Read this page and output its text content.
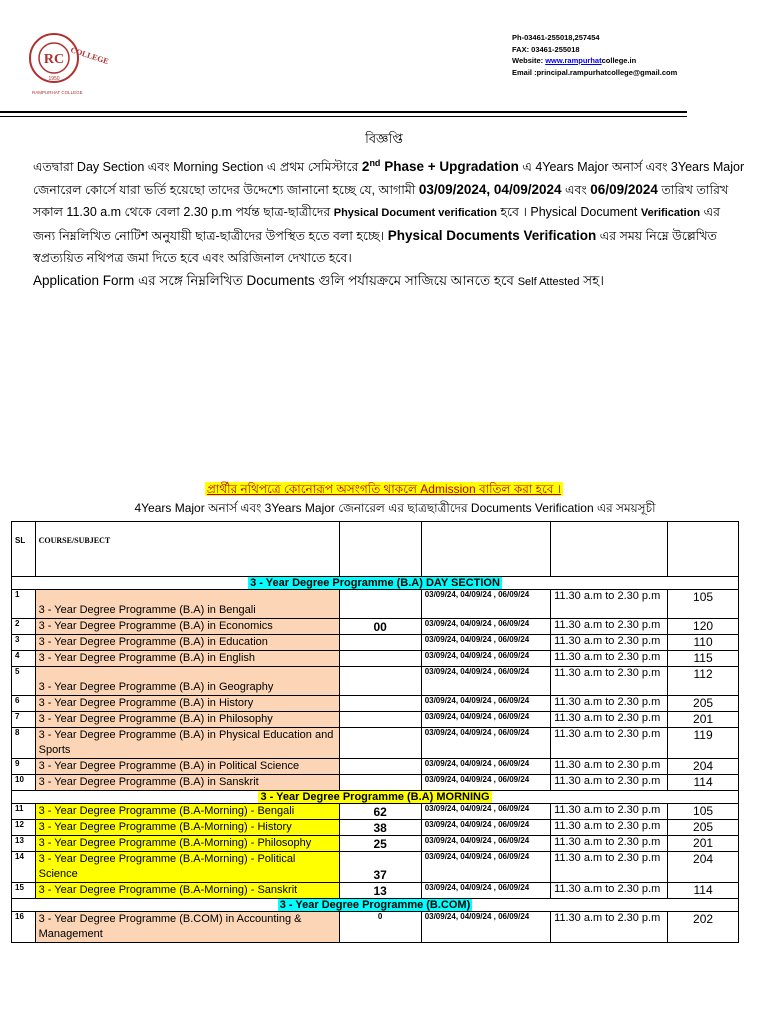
RC
1950
COLLEGE
RAMPURHAT COLLEGE
Ph-03461-255018,257454
FAX: 03461-255018
Website: www.rampurhatcollege.in
Email :principal.rampurhatcollege@gmail.com
বিজ্ঞপ্তি
এতদ্বারা Day Section এবং Morning Section এ প্রথম সেমিস্টারে 2nd Phase + Upgradation এ 4Years Major অনার্স এবং 3Years Major
জেনারেল কোর্সে যারা ভর্তি হয়েছো তাদের উদ্দেশ্যে জানানো হচ্ছে যে, আগামী 03/09/2024, 04/09/2024 এবং 06/09/2024 তারিখ তারিখ
সকাল 11.30 a.m থেকে বেলা 2.30 p.m পর্যন্ত ছাত্র-ছাত্রীদের Physical Document verification হবে । Physical Document Verification এর
জন্য নিম্নলিখিত নোটিশ অনুযায়ী ছাত্র-ছাত্রীদের উপস্থিত হতে বলা হচ্ছে। Physical Documents Verification এর সময় নিম্নে উল্লেখিত
স্বপ্রত্যয়িত নথিপত্র জমা দিতে হবে এবং অরিজিনাল দেখাতে হবে।
Application Form এর সঙ্গে নিম্নলিখিত Documents গুলি পর্যায়ক্রমে সাজিয়ে আনতে হবে Self Attested সহ।
প্রার্থীর নথিপত্রে কোনোরূপ অসংগতি থাকলে Admission বাতিল করা হবে ।
4Years Major অনার্স এবং 3Years Major জেনারেল এর ছাত্রছাত্রীদের Documents Verification এর সময়সূচী
SL	COURSE/SUBJECT				
3 - Year Degree Programme (B.A) DAY SECTION					
1	3 - Year Degree Programme (B.A) in Bengali		03/09/24, 04/09/24 , 06/09/24	11.30 a.m to 2.30 p.m	105
2	3 - Year Degree Programme (B.A) in Economics	00	03/09/24, 04/09/24 , 06/09/24	11.30 a.m to 2.30 p.m	120
3	3 - Year Degree Programme (B.A) in Education		03/09/24, 04/09/24 , 06/09/24	11.30 a.m to 2.30 p.m	110
4	3 - Year Degree Programme (B.A) in English		03/09/24, 04/09/24 , 06/09/24	11.30 a.m to 2.30 p.m	115
5	3 - Year Degree Programme (B.A) in Geography		03/09/24, 04/09/24 , 06/09/24	11.30 a.m to 2.30 p.m	112
6	3 - Year Degree Programme (B.A) in History		03/09/24, 04/09/24 , 06/09/24	11.30 a.m to 2.30 p.m	205
7	3 - Year Degree Programme (B.A) in Philosophy		03/09/24, 04/09/24 , 06/09/24	11.30 a.m to 2.30 p.m	201
8	3 - Year Degree Programme (B.A) in Physical Education and Sports		03/09/24, 04/09/24 , 06/09/24	11.30 a.m to 2.30 p.m	119
9	3 - Year Degree Programme (B.A) in Political Science		03/09/24, 04/09/24 , 06/09/24	11.30 a.m to 2.30 p.m	204
10	3 - Year Degree Programme (B.A) in Sanskrit		03/09/24, 04/09/24 , 06/09/24	11.30 a.m to 2.30 p.m	114
3 - Year Degree Programme (B.A) MORNING					
11	3 - Year Degree Programme (B.A-Morning) - Bengali	62	03/09/24, 04/09/24 , 06/09/24	11.30 a.m to 2.30 p.m	105
12	3 - Year Degree Programme (B.A-Morning) - History	38	03/09/24, 04/09/24 , 06/09/24	11.30 a.m to 2.30 p.m	205
13	3 - Year Degree Programme (B.A-Morning) - Philosophy	25	03/09/24, 04/09/24 , 06/09/24	11.30 a.m to 2.30 p.m	201
14	3 - Year Degree Programme (B.A-Morning) - Political Science	37	03/09/24, 04/09/24 , 06/09/24	11.30 a.m to 2.30 p.m	204
15	3 - Year Degree Programme (B.A-Morning) - Sanskrit	13	03/09/24, 04/09/24 , 06/09/24	11.30 a.m to 2.30 p.m	114
3 - Year Degree Programme (B.COM)					
16	3 - Year Degree Programme (B.COM) in Accounting & Management	0	03/09/24, 04/09/24 , 06/09/24	11.30 a.m to 2.30 p.m	202
